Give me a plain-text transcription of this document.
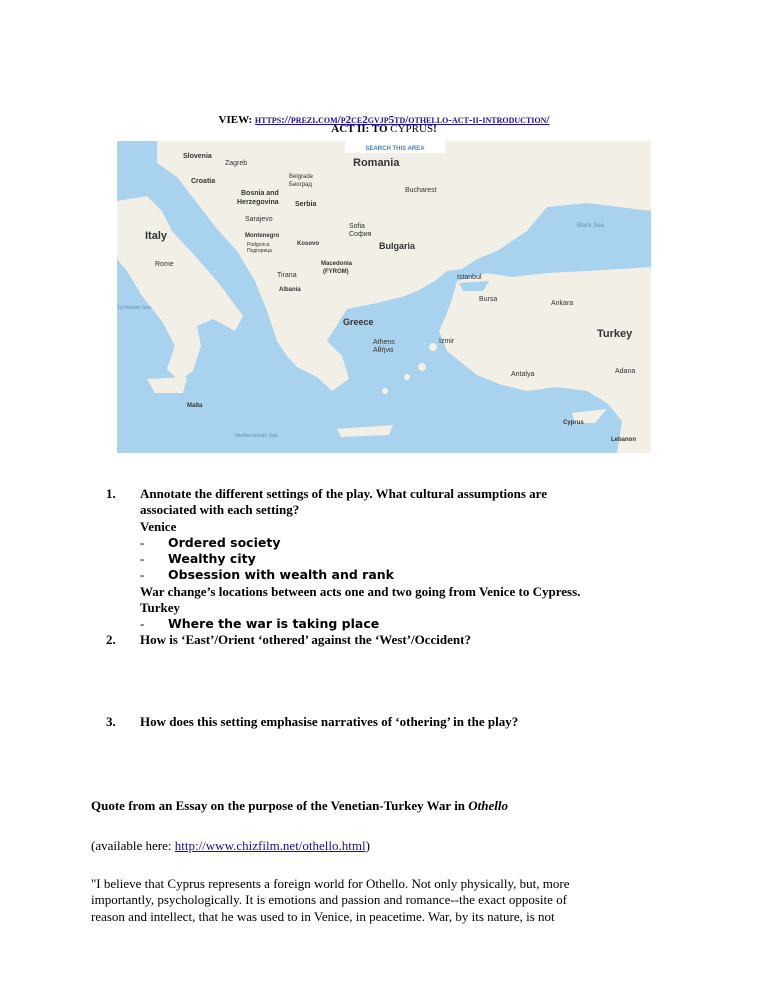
ACT II: TO CYPRUS!
SEARCH THIS AREA
Slovenia
Zagreb
Croatia
Bosnia and
Herzegovina
Belgrade
Београд
Serbia
Romania
Bucharest
Sarajevo
Montenegro
Podgorica
Подгорица
Kosovo
Sofia
София
Bulgaria
Italy
Rome	Macedonia
(FYROM)
Tirana
Albania
Istanbul
Bursa
Ankara
Black Sea
Tyrrhenian Sea
Greece
Athens
Αθήνα
Izmir
Turkey
Antalya	Adana
Malta
Cyprus
Lebanon
Mediterranean Sea
VIEW: https://prezi.com/p2ce2gvjp5td/othello-act-ii-introduction/
1. Annotate the different settings of the play. What cultural assumptions are
associated with each setting?
Venice
- Ordered society
- Wealthy city
- Obsession with wealth and rank
War change’s locations between acts one and two going from Venice to Cypress.
Turkey
- Where the war is taking place
2. How is ‘East’/Orient ‘othered’ against the ‘West’/Occident?
3. How does this setting emphasise narratives of ‘othering’ in the play?
Quote from an Essay on the purpose of the Venetian-Turkey War in Othello
(available here: http://www.chizfilm.net/othello.html)
"I believe that Cyprus represents a foreign world for Othello. Not only physically, but, more
importantly, psychologically. It is emotions and passion and romance--the exact opposite of
reason and intellect, that he was used to in Venice, in peacetime. War, by its nature, is not
